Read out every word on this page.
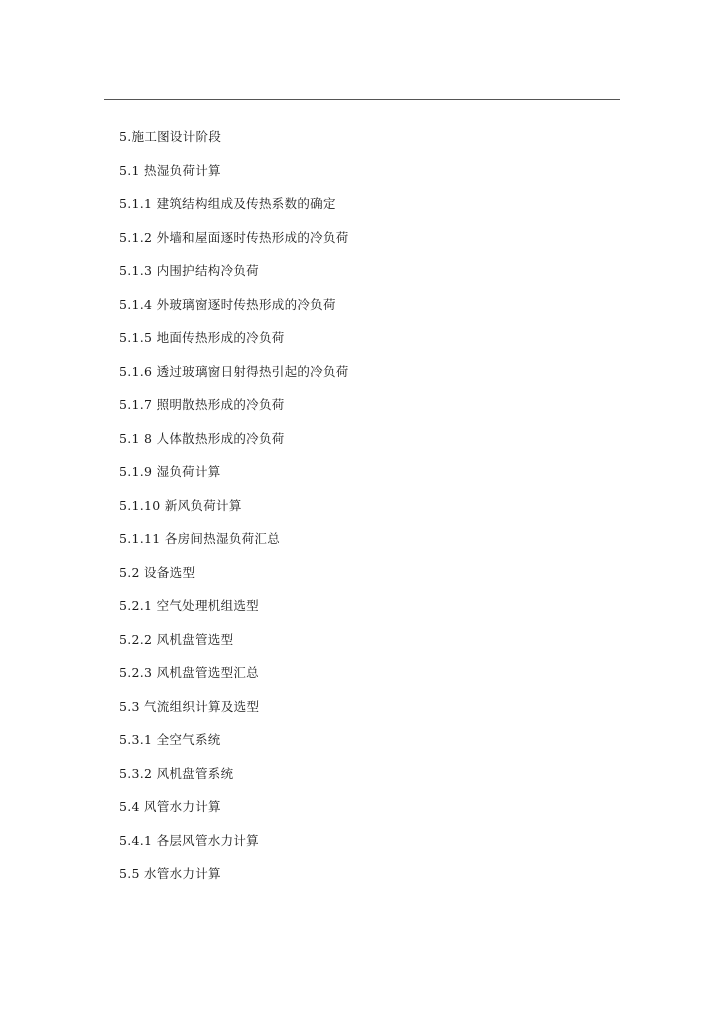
5.施工图设计阶段
5.1 热湿负荷计算
5.1.1 建筑结构组成及传热系数的确定
5.1.2 外墙和屋面逐时传热形成的冷负荷
5.1.3 内围护结构冷负荷
5.1.4 外玻璃窗逐时传热形成的冷负荷
5.1.5 地面传热形成的冷负荷
5.1.6 透过玻璃窗日射得热引起的冷负荷
5.1.7 照明散热形成的冷负荷
5.1 8 人体散热形成的冷负荷
5.1.9 湿负荷计算
5.1.10 新风负荷计算
5.1.11 各房间热湿负荷汇总
5.2 设备选型
5.2.1 空气处理机组选型
5.2.2 风机盘管选型
5.2.3 风机盘管选型汇总
5.3 气流组织计算及选型
5.3.1 全空气系统
5.3.2 风机盘管系统
5.4 风管水力计算
5.4.1 各层风管水力计算
5.5 水管水力计算
